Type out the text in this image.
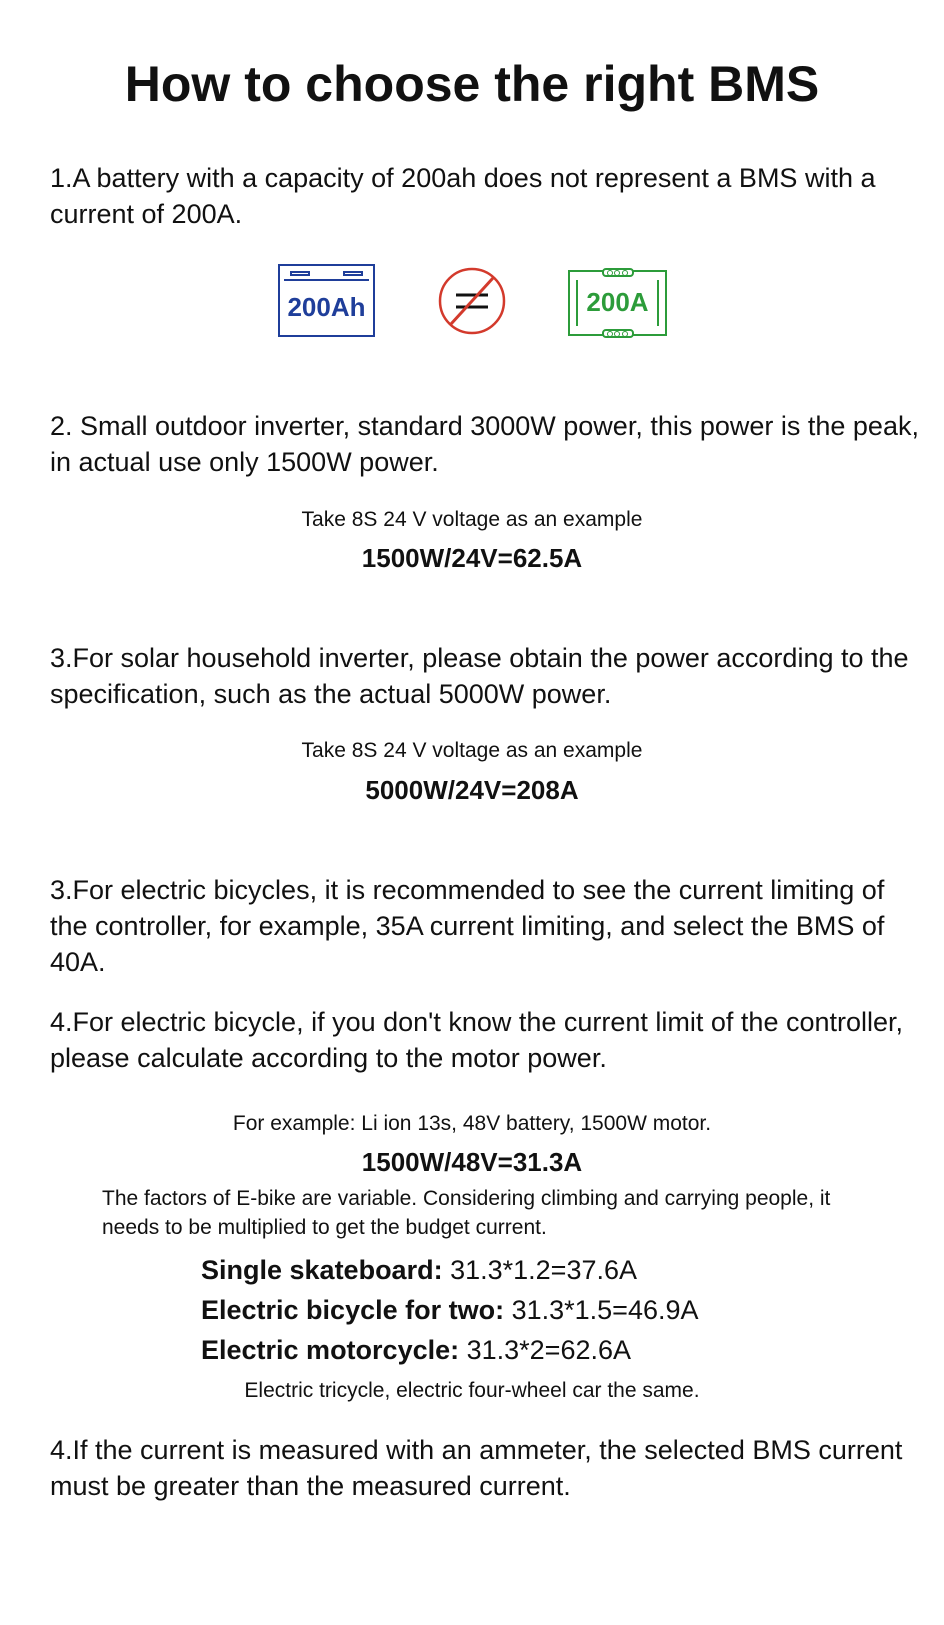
How to choose the right BMS
1.A battery with a capacity of 200ah does not represent a BMS with a current of 200A.
200Ah	200A
2. Small outdoor inverter, standard 3000W power, this power is the peak, in actual use only 1500W power.
Take 8S 24 V voltage as an example
1500W/24V=62.5A
3.For solar household inverter, please obtain the power according to the specification, such as the actual 5000W power.
Take 8S 24 V voltage as an example
5000W/24V=208A
3.For electric bicycles, it is recommended to see the current limiting of the controller, for example, 35A current limiting, and select the BMS of 40A.
4.For electric bicycle, if you don't know the current limit of the controller, please calculate according to the motor power.
For example: Li ion 13s, 48V battery, 1500W motor.
1500W/48V=31.3A
The factors of E-bike are variable. Considering climbing and carrying people, it needs to be multiplied to get the budget current.
Single skateboard: 31.3*1.2=37.6A
Electric bicycle for two: 31.3*1.5=46.9A
Electric motorcycle: 31.3*2=62.6A
Electric tricycle, electric four-wheel car the same.
4.If the current is measured with an ammeter, the selected BMS current must be greater than the measured current.
